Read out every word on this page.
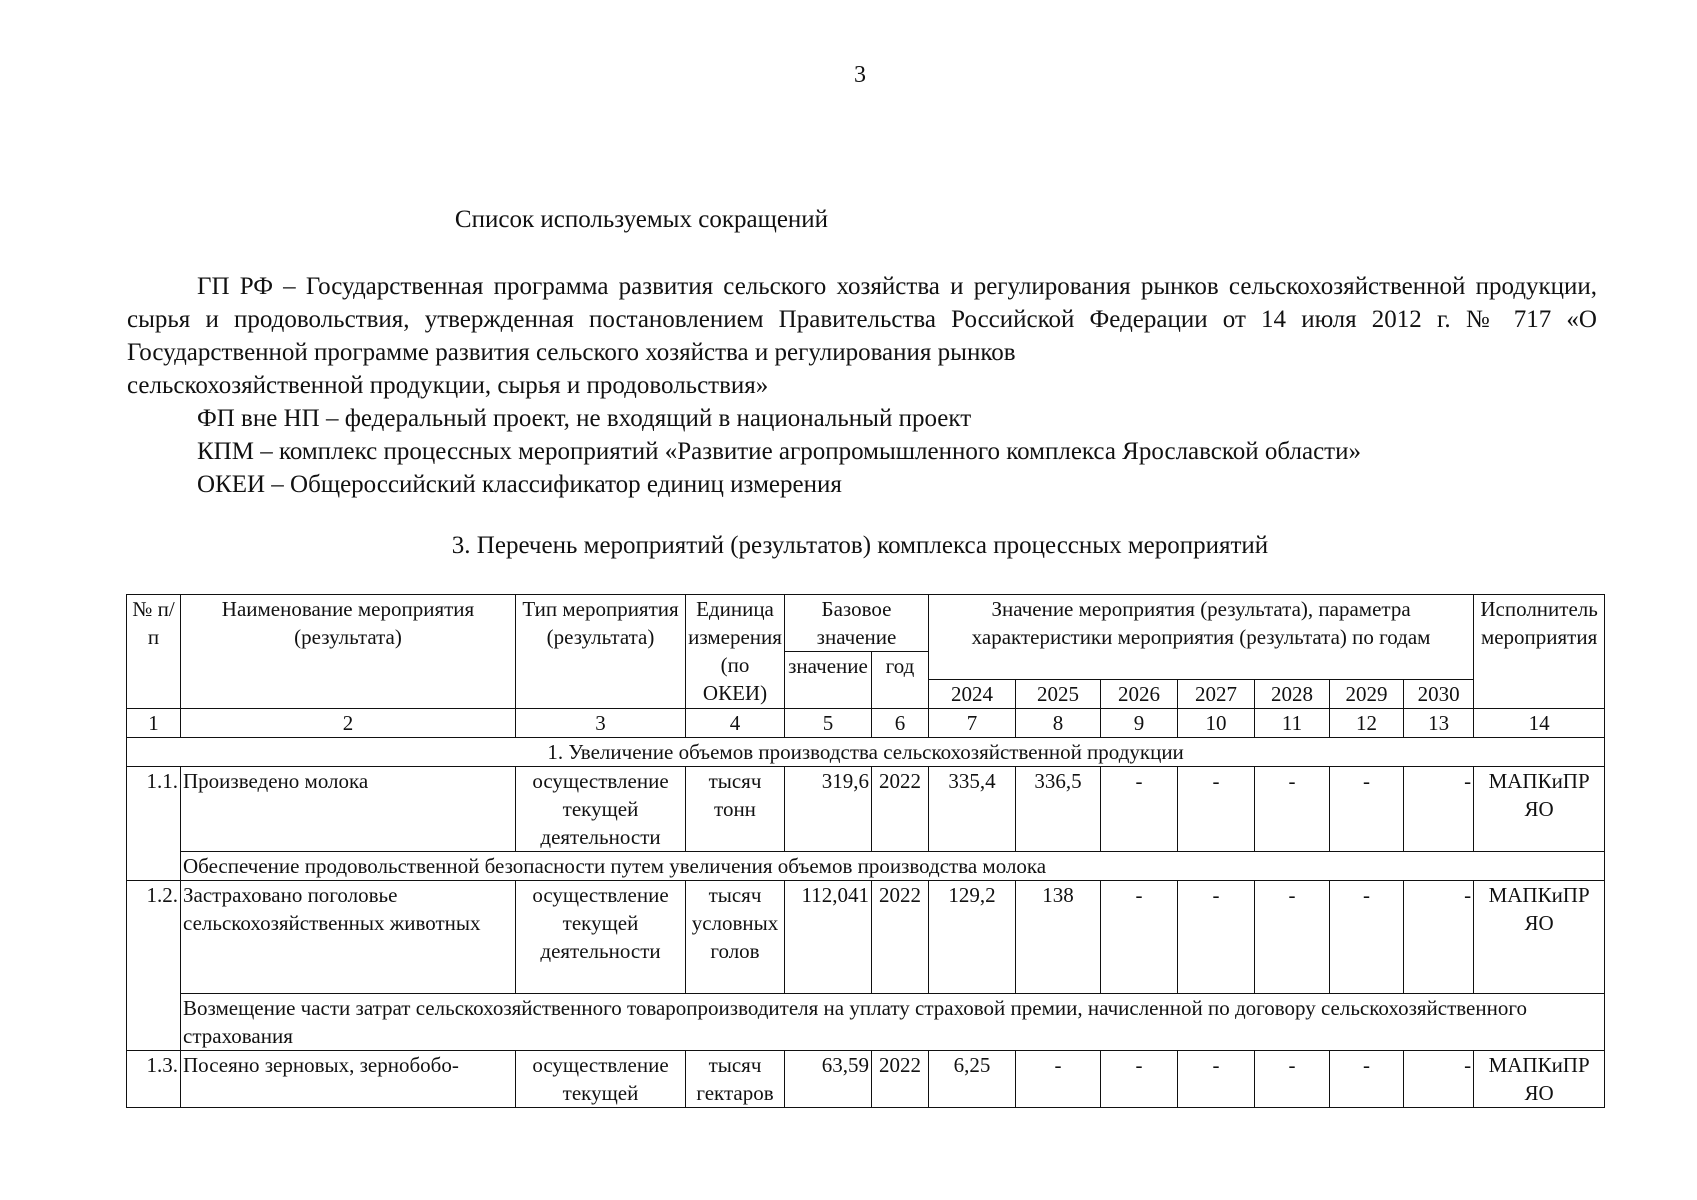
3
Список используемых сокращений
ГП РФ – Государственная программа развития сельского хозяйства и регулирования рынков сельскохозяйственной продукции, сырья и продовольствия, утвержденная постановлением Правительства Российской Федерации от 14 июля 2012 г. № 717 «О Государственной программе развития сельского хозяйства и регулирования рынков
сельскохозяйственной продукции, сырья и продовольствия»
ФП вне НП – федеральный проект, не входящий в национальный проект
КПМ – комплекс процессных мероприятий «Развитие агропромышленного комплекса Ярославской области»
ОКЕИ – Общероссийский классификатор единиц измерения
3. Перечень мероприятий (результатов) комплекса процессных мероприятий
№ п/п	Наименование мероприятия (результата)	Тип мероприятия (результата)	Единица измерения (по ОКЕИ)	Базовое значение		Значение мероприятия (результата), параметра характеристики мероприятия (результата) по годам							Исполнитель мероприятия
				значение	год								
						2024	2025	2026	2027	2028	2029	2030	
1	2	3	4	5	6	7	8	9	10	11	12	13	14
1. Увеличение объемов производства сельскохозяйственной продукции													
1.1.	Произведено молока	осуществление текущей деятельности	тысяч тонн	319,6	2022	335,4	336,5	-	-	-	-	-	МАПКиПР ЯО
	Обеспечение продовольственной безопасности путем увеличения объемов производства молока												
1.2.	Застраховано поголовье сельскохозяйственных животных	осуществление текущей деятельности	тысяч условных голов	112,041	2022	129,2	138	-	-	-	-	-	МАПКиПР ЯО
	Возмещение части затрат сельскохозяйственного товаропроизводителя на уплату страховой премии, начисленной по договору сельскохозяйственного страхования												
1.3.	Посеяно зерновых, зернобобо-	осуществление текущей	тысяч гектаров	63,59	2022	6,25	-	-	-	-	-	-	МАПКиПР ЯО
